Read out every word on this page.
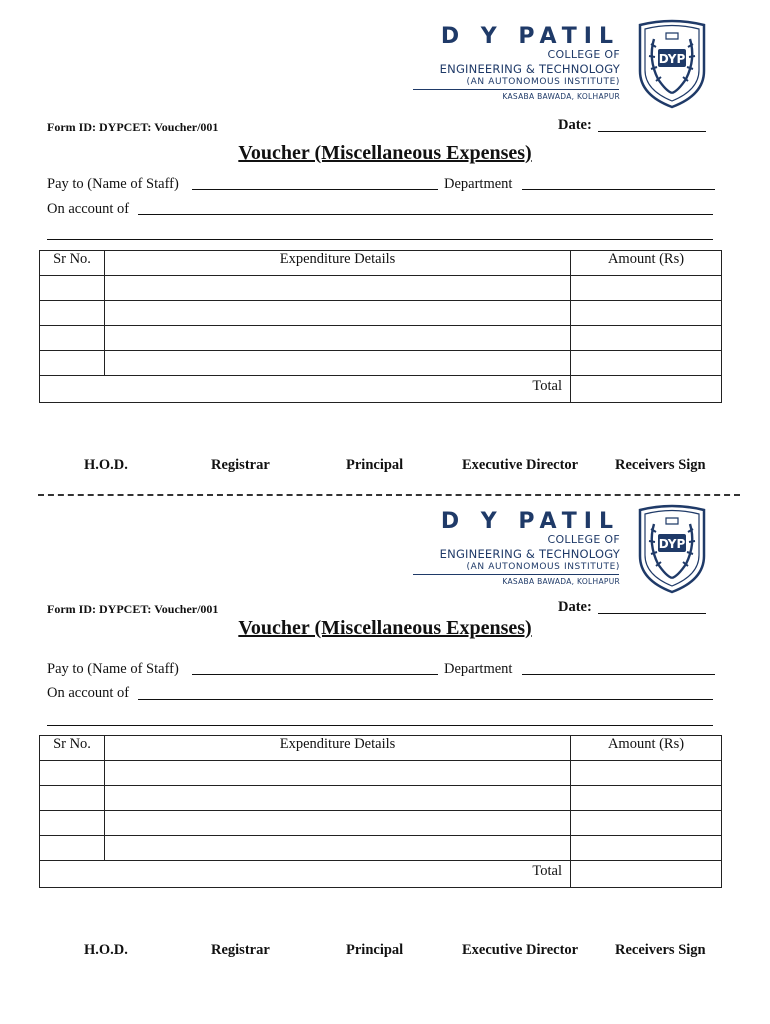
D Y PATIL
COLLEGE OF
ENGINEERING & TECHNOLOGY
(AN AUTONOMOUS INSTITUTE)
KASABA BAWADA, KOLHAPUR
DYP
Form ID: DYPCET: Voucher/001	Date:
Voucher (Miscellaneous Expenses)
Pay to (Name of Staff)	Department
On account of
Sr No.	Expenditure Details	Amount (Rs)

Total		
H.O.D.	Registrar	Principal	Executive Director	Receivers Sign
D Y PATIL
COLLEGE OF
ENGINEERING & TECHNOLOGY
(AN AUTONOMOUS INSTITUTE)
KASABA BAWADA, KOLHAPUR
DYP
Form ID: DYPCET: Voucher/001	Date:
Voucher (Miscellaneous Expenses)
Pay to (Name of Staff)	Department
On account of
Sr No.	Expenditure Details	Amount (Rs)

Total		
H.O.D.	Registrar	Principal	Executive Director	Receivers Sign
